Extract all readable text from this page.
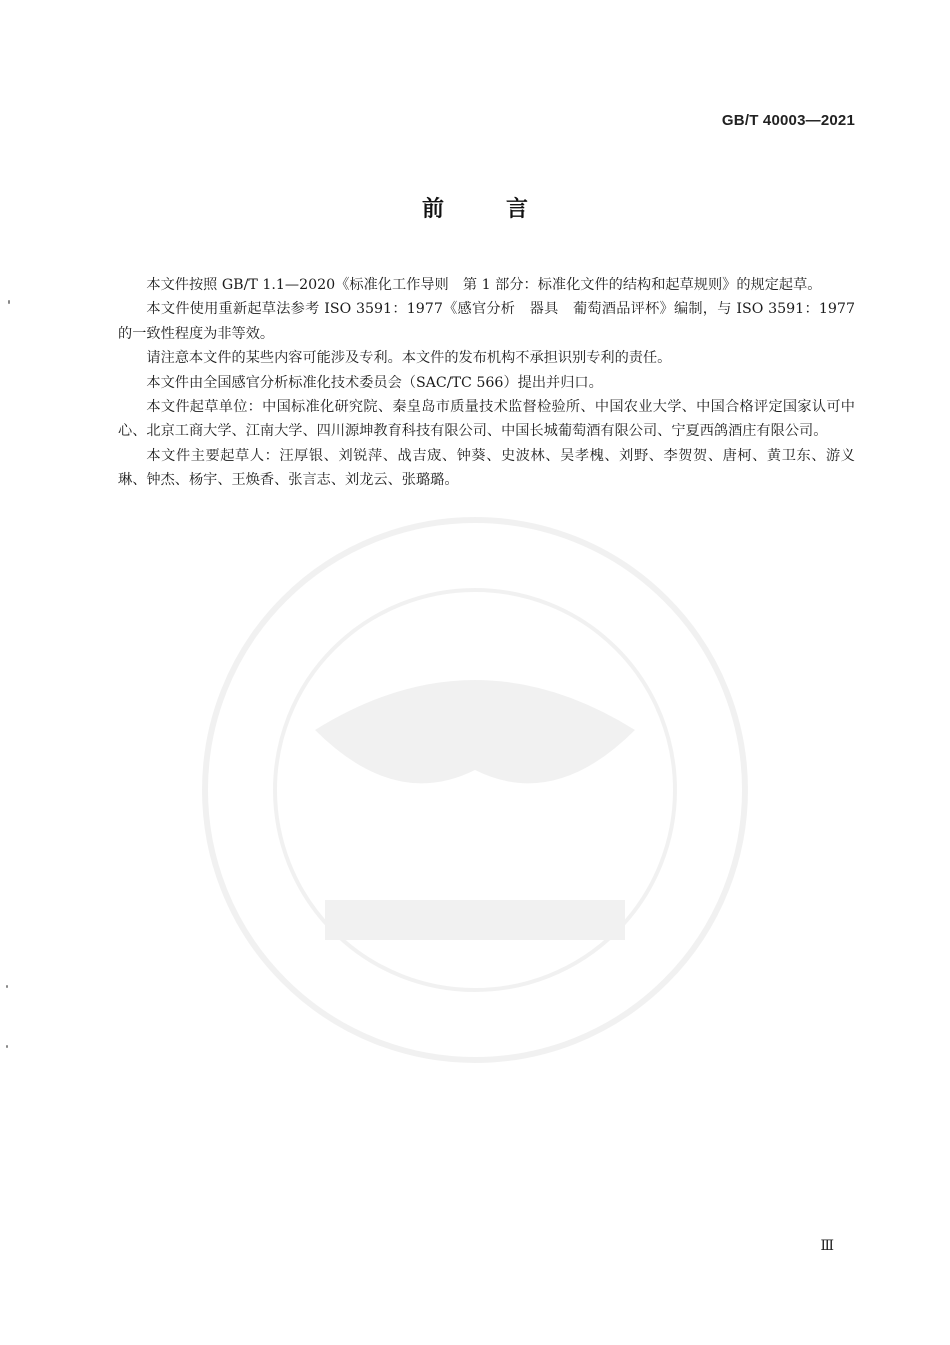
GB/T 40003—2021
前言

本文件按照 GB/T 1.1—2020《标准化工作导则　第 1 部分：标准化文件的结构和起草规则》的规定起草。

本文件使用重新起草法参考 ISO 3591：1977《感官分析　器具　葡萄酒品评杯》编制，与 ISO 3591：1977 的一致性程度为非等效。

请注意本文件的某些内容可能涉及专利。本文件的发布机构不承担识别专利的责任。

本文件由全国感官分析标准化技术委员会（SAC/TC 566）提出并归口。

本文件起草单位：中国标准化研究院、秦皇岛市质量技术监督检验所、中国农业大学、中国合格评定国家认可中心、北京工商大学、江南大学、四川源坤教育科技有限公司、中国长城葡萄酒有限公司、宁夏西鸽酒庄有限公司。

本文件主要起草人：汪厚银、刘锐萍、战吉宬、钟葵、史波林、吴孝槐、刘野、李贺贺、唐柯、黄卫东、游义琳、钟杰、杨宇、王焕香、张言志、刘龙云、张璐璐。

Ⅲ
